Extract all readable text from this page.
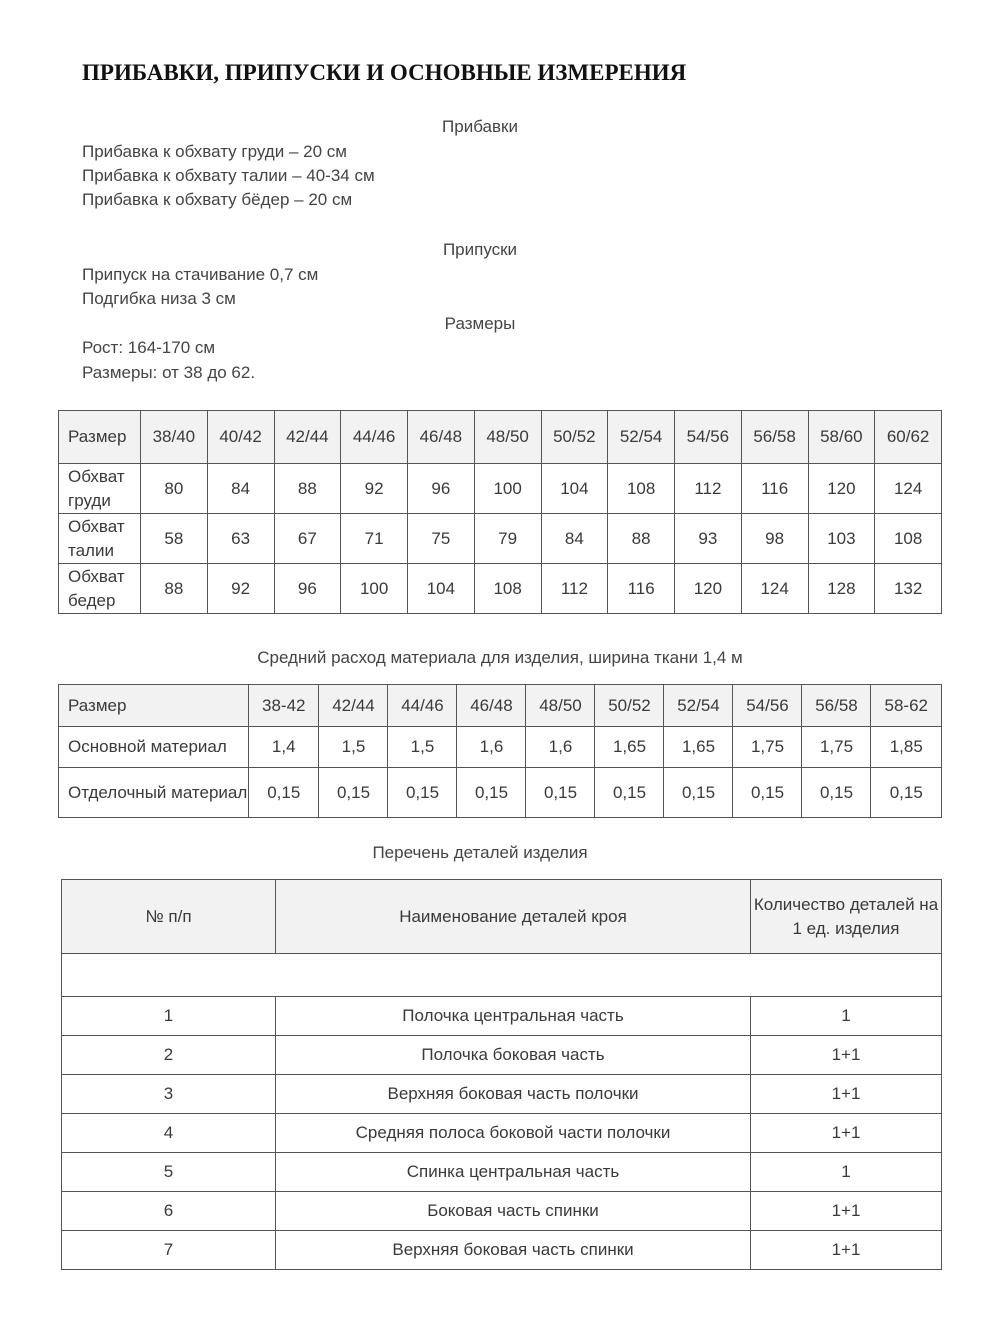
ПРИБАВКИ, ПРИПУСКИ И ОСНОВНЫЕ ИЗМЕРЕНИЯ
Прибавки
Прибавка к обхвату груди – 20 см
Прибавка к обхвату талии – 40-34 см
Прибавка к обхвату бёдер – 20 см
Припуски
Припуск на стачивание 0,7 см
Подгибка низа 3 см
Размеры
Рост: 164-170 см
Размеры: от 38 до 62.
Размер	38/40	40/42	42/44	44/46	46/48	48/50	50/52	52/54	54/56	56/58	58/60	60/62
Обхват груди	80	84	88	92	96	100	104	108	112	116	120	124
Обхват талии	58	63	67	71	75	79	84	88	93	98	103	108
Обхват бедер	88	92	96	100	104	108	112	116	120	124	128	132
Средний расход материала для изделия, ширина ткани 1,4 м
Размер	38-42	42/44	44/46	46/48	48/50	50/52	52/54	54/56	56/58	58-62
Основной материал	1,4	1,5	1,5	1,6	1,6	1,65	1,65	1,75	1,75	1,85
Отделочный материал	0,15	0,15	0,15	0,15	0,15	0,15	0,15	0,15	0,15	0,15
Перечень деталей изделия
№ п/п	Наименование деталей кроя	Количество деталей на 1 ед. изделия

1	Полочка центральная часть	1
2	Полочка боковая часть	1+1
3	Верхняя боковая часть полочки	1+1
4	Средняя полоса боковой части полочки	1+1
5	Спинка центральная часть	1
6	Боковая часть спинки	1+1
7	Верхняя боковая часть спинки	1+1
